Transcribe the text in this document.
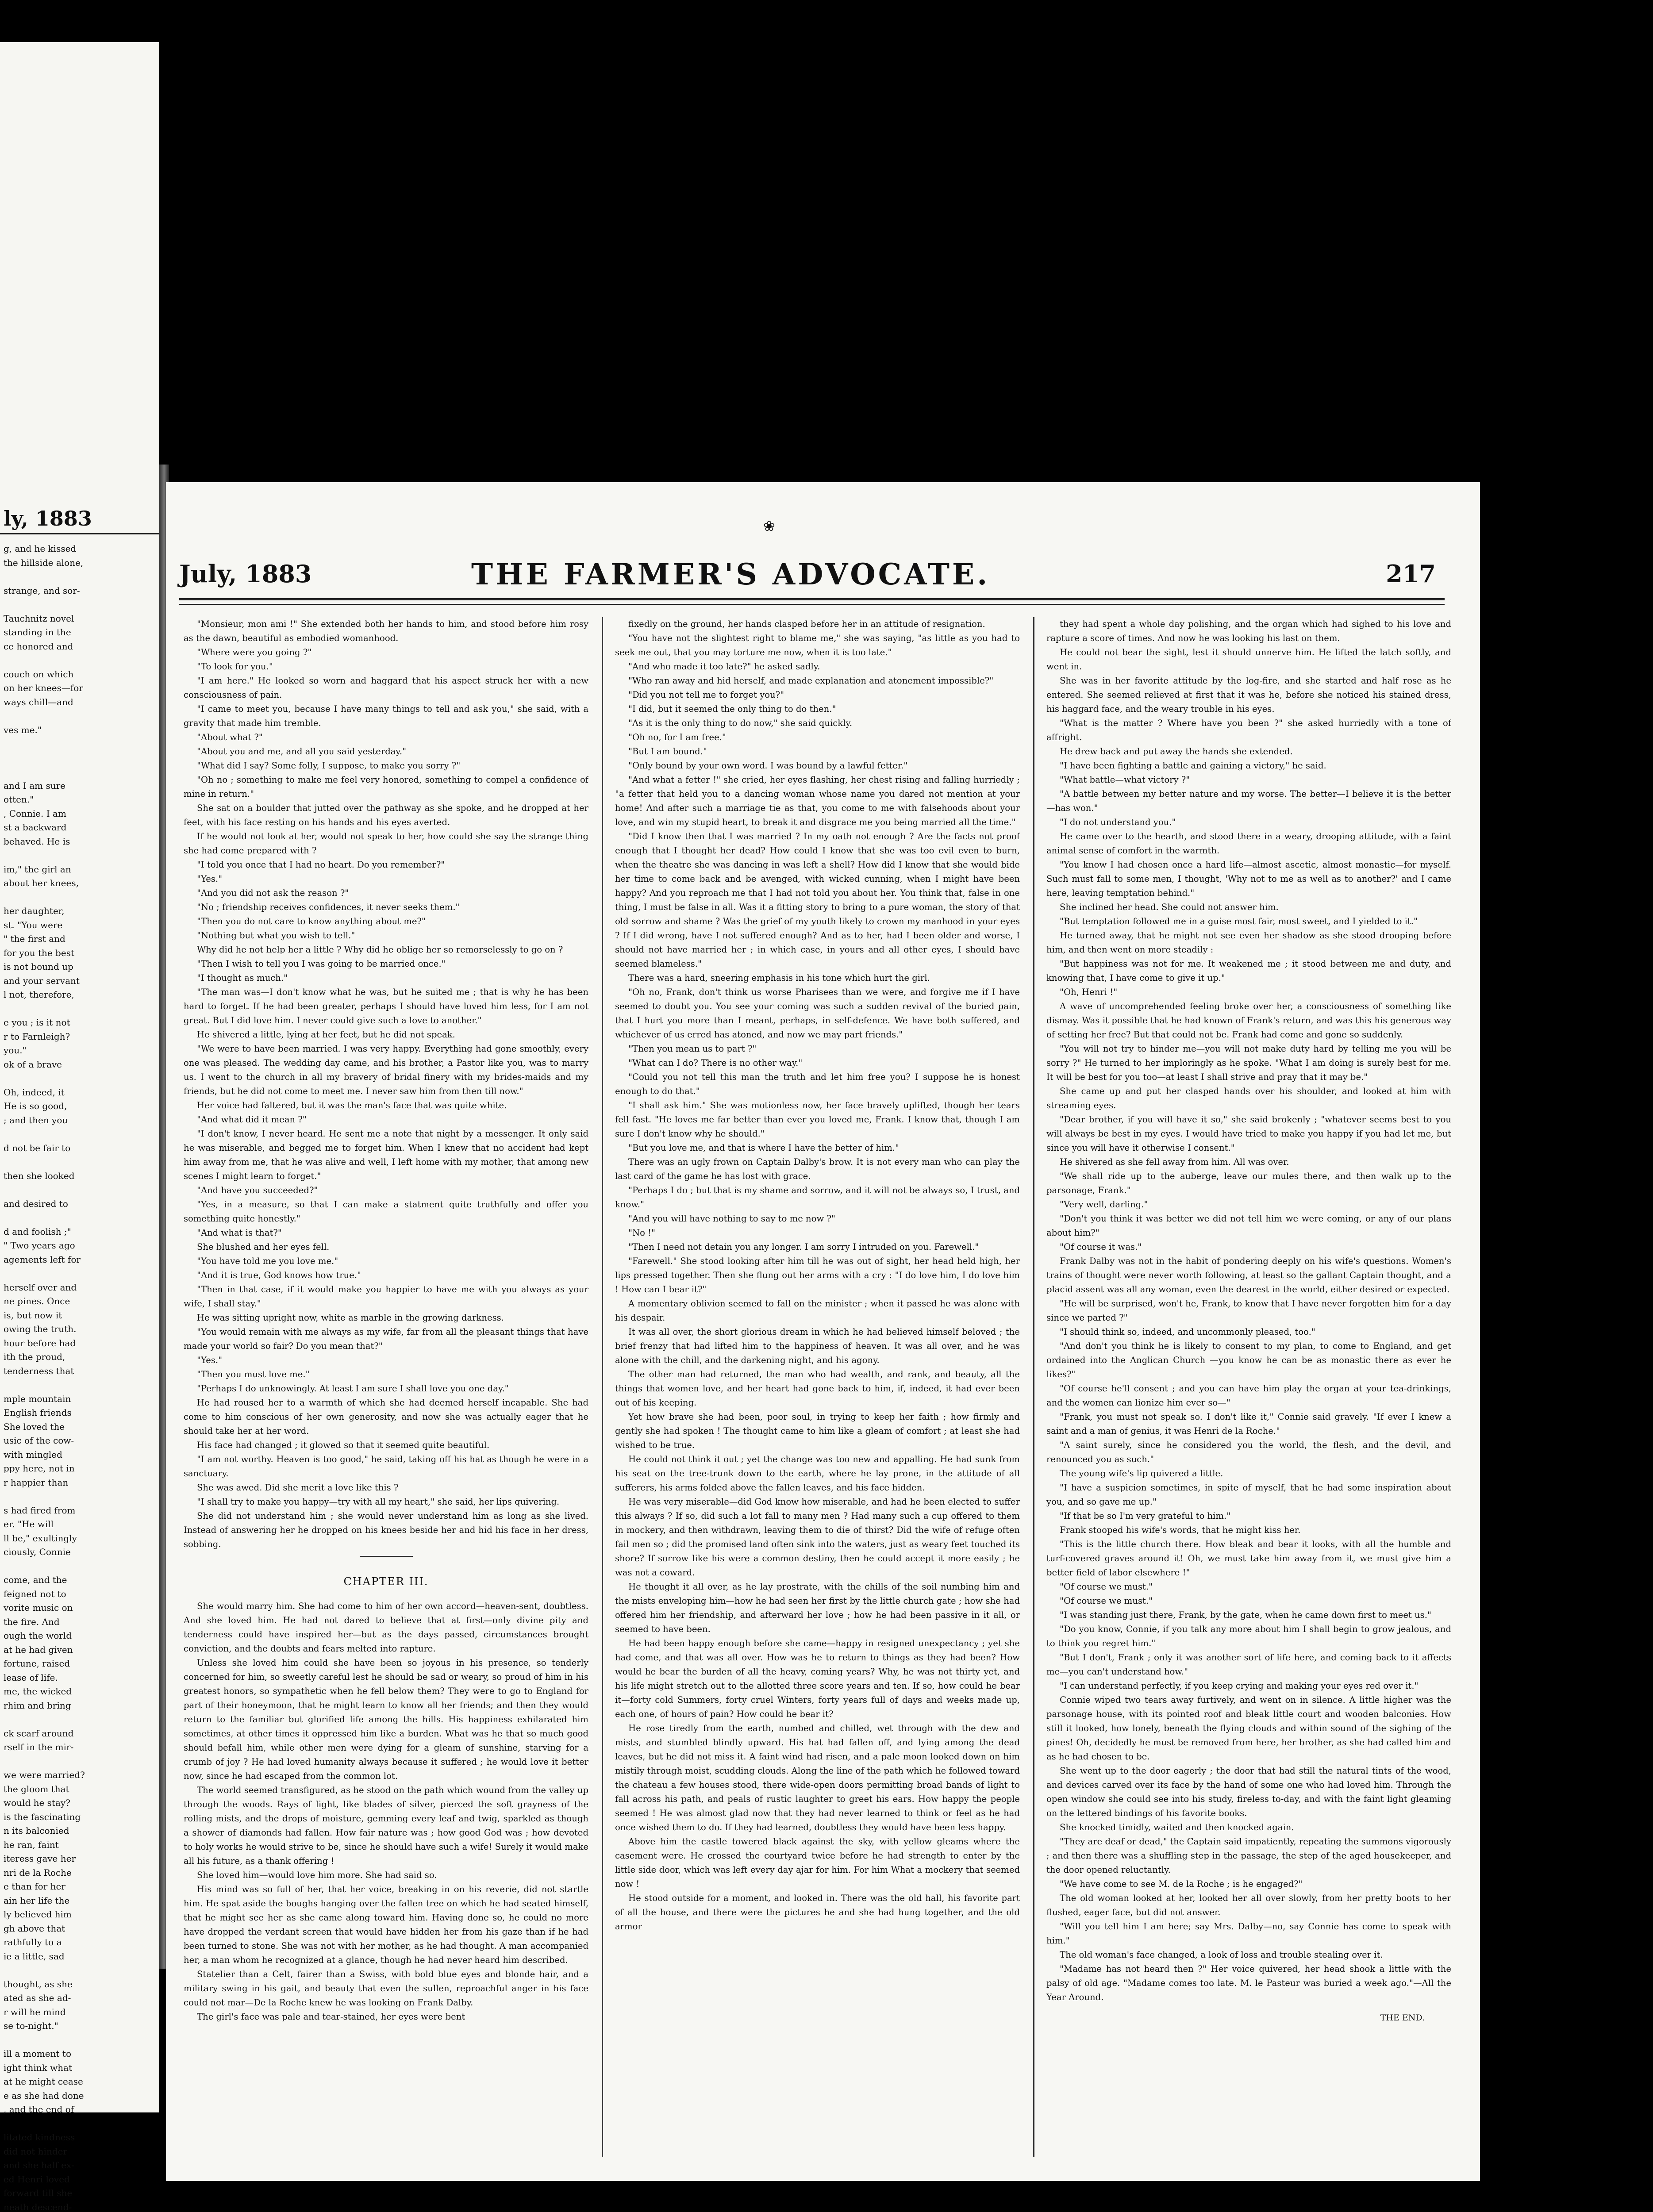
ly, 1883
g, and he kissed
the hillside alone,
strange, and sor-
Tauchnitz novel
standing in the
ce honored and
couch on which
on her knees—for
ways chill—and
ves me."
and I am sure
otten."
, Connie. I am
st a backward
behaved. He is
im," the girl an
about her knees,
her daughter,
st. "You were
" the first and
for you the best
is not bound up
and your servant
l not, therefore,
e you ; is it not
r to Farnleigh?
you."
ok of a brave
Oh, indeed, it
He is so good,
; and then you
d not be fair to
then she looked
and desired to
d and foolish ;"
" Two years ago
agements left for
herself over and
ne pines. Once
is, but now it
owing the truth.
hour before had
ith the proud,
tenderness that
mple mountain
English friends
She loved the
usic of the cow-
with mingled
ppy here, not in
r happier than
s had fired from
er. "He will
ll be," exultingly
ciously, Connie
come, and the
feigned not to
vorite music on
the fire. And
ough the world
at he had given
fortune, raised
lease of life.
me, the wicked
rhim and bring
ck scarf around
rself in the mir-
we were married?
the gloom that
would he stay?
is the fascinating
n its balconied
he ran, faint
iteress gave her
nri de la Roche
e than for her
ain her life the
ly believed him
gh above that
rathfully to a
ie a little, sad
thought, as she
ated as she ad-
r will he mind
se to-night."
ill a moment to
ight think what
at he might cease
e as she had done
, and the end of
litated kindness
did not hinder
and she half ex-
ed Henri loved
forward till she
neath descend-
❀
July, 1883	THE FARMER'S ADVOCATE.	217

"Monsieur, mon ami !" She extended both her hands to him, and stood before him rosy as the dawn, beautiful as embodied womanhood.

"Where were you going ?"

"To look for you."

"I am here." He looked so worn and haggard that his aspect struck her with a new consciousness of pain.

"I came to meet you, because I have many things to tell and ask you," she said, with a gravity that made him tremble.

"About what ?"

"About you and me, and all you said yesterday."

"What did I say? Some folly, I suppose, to make you sorry ?"

"Oh no ; something to make me feel very honored, something to compel a confidence of mine in return."

She sat on a boulder that jutted over the pathway as she spoke, and he dropped at her feet, with his face resting on his hands and his eyes averted.

If he would not look at her, would not speak to her, how could she say the strange thing she had come prepared with ?

"I told you once that I had no heart. Do you remember?"

"Yes."

"And you did not ask the reason ?"

"No ; friendship receives confidences, it never seeks them."

"Then you do not care to know anything about me?"

"Nothing but what you wish to tell."

Why did he not help her a little ? Why did he oblige her so remorselessly to go on ?

"Then I wish to tell you I was going to be married once."

"I thought as much."

"The man was—I don't know what he was, but he suited me ; that is why he has been hard to forget. If he had been greater, perhaps I should have loved him less, for I am not great. But I did love him. I never could give such a love to another."

He shivered a little, lying at her feet, but he did not speak.

"We were to have been married. I was very happy. Everything had gone smoothly, every one was pleased. The wedding day came, and his brother, a Pastor like you, was to marry us. I went to the church in all my bravery of bridal finery with my brides-maids and my friends, but he did not come to meet me. I never saw him from then till now."

Her voice had faltered, but it was the man's face that was quite white.

"And what did it mean ?"

"I don't know, I never heard. He sent me a note that night by a messenger. It only said he was miserable, and begged me to forget him. When I knew that no accident had kept him away from me, that he was alive and well, I left home with my mother, that among new scenes I might learn to forget."

"And have you succeeded?"

"Yes, in a measure, so that I can make a statment quite truthfully and offer you something quite honestly."

"And what is that?"

She blushed and her eyes fell.

"You have told me you love me."

"And it is true, God knows how true."

"Then in that case, if it would make you happier to have me with you always as your wife, I shall stay."

He was sitting upright now, white as marble in the growing darkness.

"You would remain with me always as my wife, far from all the pleasant things that have made your world so fair? Do you mean that?"

"Yes."

"Then you must love me."

"Perhaps I do unknowingly. At least I am sure I shall love you one day."

He had roused her to a warmth of which she had deemed herself incapable. She had come to him conscious of her own generosity, and now she was actually eager that he should take her at her word.

His face had changed ; it glowed so that it seemed quite beautiful.

"I am not worthy. Heaven is too good," he said, taking off his hat as though he were in a sanctuary.

She was awed. Did she merit a love like this ?

"I shall try to make you happy—try with all my heart," she said, her lips quivering.

She did not understand him ; she would never understand him as long as she lived. Instead of answering her he dropped on his knees beside her and hid his face in her dress, sobbing.

CHAPTER III.

She would marry him. She had come to him of her own accord—heaven-sent, doubtless. And she loved him. He had not dared to believe that at first—only divine pity and tenderness could have inspired her—but as the days passed, circumstances brought conviction, and the doubts and fears melted into rapture.

Unless she loved him could she have been so joyous in his presence, so tenderly concerned for him, so sweetly careful lest he should be sad or weary, so proud of him in his greatest honors, so sympathetic when he fell below them? They were to go to England for part of their honeymoon, that he might learn to know all her friends; and then they would return to the familiar but glorified life among the hills. His happiness exhilarated him sometimes, at other times it oppressed him like a burden. What was he that so much good should befall him, while other men were dying for a gleam of sunshine, starving for a crumb of joy ? He had loved humanity always because it suffered ; he would love it better now, since he had escaped from the common lot.

The world seemed transfigured, as he stood on the path which wound from the valley up through the woods. Rays of light, like blades of silver, pierced the soft grayness of the rolling mists, and the drops of moisture, gemming every leaf and twig, sparkled as though a shower of diamonds had fallen. How fair nature was ; how good God was ; how devoted to holy works he would strive to be, since he should have such a wife! Surely it would make all his future, as a thank offering !

She loved him—would love him more. She had said so.

His mind was so full of her, that her voice, breaking in on his reverie, did not startle him. He spat aside the boughs hanging over the fallen tree on which he had seated himself, that he might see her as she came along toward him. Having done so, he could no more have dropped the verdant screen that would have hidden her from his gaze than if he had been turned to stone. She was not with her mother, as he had thought. A man accompanied her, a man whom he recognized at a glance, though he had never heard him described.

Statelier than a Celt, fairer than a Swiss, with bold blue eyes and blonde hair, and a military swing in his gait, and beauty that even the sullen, reproachful anger in his face could not mar—De la Roche knew he was looking on Frank Dalby.

The girl's face was pale and tear-stained, her eyes were bent

fixedly on the ground, her hands clasped before her in an attitude of resignation.

"You have not the slightest right to blame me," she was saying, "as little as you had to seek me out, that you may torture me now, when it is too late."

"And who made it too late?" he asked sadly.

"Who ran away and hid herself, and made explanation and atonement impossible?"

"Did you not tell me to forget you?"

"I did, but it seemed the only thing to do then."

"As it is the only thing to do now," she said quickly.

"Oh no, for I am free."

"But I am bound."

"Only bound by your own word. I was bound by a lawful fetter."

"And what a fetter !" she cried, her eyes flashing, her chest rising and falling hurriedly ; "a fetter that held you to a dancing woman whose name you dared not mention at your home! And after such a marriage tie as that, you come to me with falsehoods about your love, and win my stupid heart, to break it and disgrace me you being married all the time."

"Did I know then that I was married ? In my oath not enough ? Are the facts not proof enough that I thought her dead? How could I know that she was too evil even to burn, when the theatre she was dancing in was left a shell? How did I know that she would bide her time to come back and be avenged, with wicked cunning, when I might have been happy? And you reproach me that I had not told you about her. You think that, false in one thing, I must be false in all. Was it a fitting story to bring to a pure woman, the story of that old sorrow and shame ? Was the grief of my youth likely to crown my manhood in your eyes ? If I did wrong, have I not suffered enough? And as to her, had I been older and worse, I should not have married her ; in which case, in yours and all other eyes, I should have seemed blameless."

There was a hard, sneering emphasis in his tone which hurt the girl.

"Oh no, Frank, don't think us worse Pharisees than we were, and forgive me if I have seemed to doubt you. You see your coming was such a sudden revival of the buried pain, that I hurt you more than I meant, perhaps, in self-defence. We have both suffered, and whichever of us erred has atoned, and now we may part friends."

"Then you mean us to part ?"

"What can I do? There is no other way."

"Could you not tell this man the truth and let him free you? I suppose he is honest enough to do that."

"I shall ask him." She was motionless now, her face bravely uplifted, though her tears fell fast. "He loves me far better than ever you loved me, Frank. I know that, though I am sure I don't know why he should."

"But you love me, and that is where I have the better of him."

There was an ugly frown on Captain Dalby's brow. It is not every man who can play the last card of the game he has lost with grace.

"Perhaps I do ; but that is my shame and sorrow, and it will not be always so, I trust, and know."

"And you will have nothing to say to me now ?"

"No !"

"Then I need not detain you any longer. I am sorry I intruded on you. Farewell."

"Farewell." She stood looking after him till he was out of sight, her head held high, her lips pressed together. Then she flung out her arms with a cry : "I do love him, I do love him ! How can I bear it?"

A momentary oblivion seemed to fall on the minister ; when it passed he was alone with his despair.

It was all over, the short glorious dream in which he had believed himself beloved ; the brief frenzy that had lifted him to the happiness of heaven. It was all over, and he was alone with the chill, and the darkening night, and his agony.

The other man had returned, the man who had wealth, and rank, and beauty, all the things that women love, and her heart had gone back to him, if, indeed, it had ever been out of his keeping.

Yet how brave she had been, poor soul, in trying to keep her faith ; how firmly and gently she had spoken ! The thought came to him like a gleam of comfort ; at least she had wished to be true.

He could not think it out ; yet the change was too new and appalling. He had sunk from his seat on the tree-trunk down to the earth, where he lay prone, in the attitude of all sufferers, his arms folded above the fallen leaves, and his face hidden.

He was very miserable—did God know how miserable, and had he been elected to suffer this always ? If so, did such a lot fall to many men ? Had many such a cup offered to them in mockery, and then withdrawn, leaving them to die of thirst? Did the wife of refuge often fail men so ; did the promised land often sink into the waters, just as weary feet touched its shore? If sorrow like his were a common destiny, then he could accept it more easily ; he was not a coward.

He thought it all over, as he lay prostrate, with the chills of the soil numbing him and the mists enveloping him—how he had seen her first by the little church gate ; how she had offered him her friendship, and afterward her love ; how he had been passive in it all, or seemed to have been.

He had been happy enough before she came—happy in resigned unexpectancy ; yet she had come, and that was all over. How was he to return to things as they had been? How would he bear the burden of all the heavy, coming years? Why, he was not thirty yet, and his life might stretch out to the allotted three score years and ten. If so, how could he bear it—forty cold Summers, forty cruel Winters, forty years full of days and weeks made up, each one, of hours of pain? How could he bear it?

He rose tiredly from the earth, numbed and chilled, wet through with the dew and mists, and stumbled blindly upward. His hat had fallen off, and lying among the dead leaves, but he did not miss it. A faint wind had risen, and a pale moon looked down on him mistily through moist, scudding clouds. Along the line of the path which he followed toward the chateau a few houses stood, there wide-open doors permitting broad bands of light to fall across his path, and peals of rustic laughter to greet his ears. How happy the people seemed ! He was almost glad now that they had never learned to think or feel as he had once wished them to do. If they had learned, doubtless they would have been less happy.

Above him the castle towered black against the sky, with yellow gleams where the casement were. He crossed the courtyard twice before he had strength to enter by the little side door, which was left every day ajar for him. For him What a mockery that seemed now !

He stood outside for a moment, and looked in. There was the old hall, his favorite part of all the house, and there were the pictures he and she had hung together, and the old armor

they had spent a whole day polishing, and the organ which had sighed to his love and rapture a score of times. And now he was looking his last on them.

He could not bear the sight, lest it should unnerve him. He lifted the latch softly, and went in.

She was in her favorite attitude by the log-fire, and she started and half rose as he entered. She seemed relieved at first that it was he, before she noticed his stained dress, his haggard face, and the weary trouble in his eyes.

"What is the matter ? Where have you been ?" she asked hurriedly with a tone of affright.

He drew back and put away the hands she extended.

"I have been fighting a battle and gaining a victory," he said.

"What battle—what victory ?"

"A battle between my better nature and my worse. The better—I believe it is the better—has won."

"I do not understand you."

He came over to the hearth, and stood there in a weary, drooping attitude, with a faint animal sense of comfort in the warmth.

"You know I had chosen once a hard life—almost ascetic, almost monastic—for myself. Such must fall to some men, I thought, 'Why not to me as well as to another?' and I came here, leaving temptation behind."

She inclined her head. She could not answer him.

"But temptation followed me in a guise most fair, most sweet, and I yielded to it."

He turned away, that he might not see even her shadow as she stood drooping before him, and then went on more steadily :

"But happiness was not for me. It weakened me ; it stood between me and duty, and knowing that, I have come to give it up."

"Oh, Henri !"

A wave of uncomprehended feeling broke over her, a consciousness of something like dismay. Was it possible that he had known of Frank's return, and was this his generous way of setting her free? But that could not be. Frank had come and gone so suddenly.

"You will not try to hinder me—you will not make duty hard by telling me you will be sorry ?" He turned to her imploringly as he spoke. "What I am doing is surely best for me. It will be best for you too—at least I shall strive and pray that it may be."

She came up and put her clasped hands over his shoulder, and looked at him with streaming eyes.

"Dear brother, if you will have it so," she said brokenly ; "whatever seems best to you will always be best in my eyes. I would have tried to make you happy if you had let me, but since you will have it otherwise I consent."

He shivered as she fell away from him. All was over.

"We shall ride up to the auberge, leave our mules there, and then walk up to the parsonage, Frank."

"Very well, darling."

"Don't you think it was better we did not tell him we were coming, or any of our plans about him?"

"Of course it was."

Frank Dalby was not in the habit of pondering deeply on his wife's questions. Women's trains of thought were never worth following, at least so the gallant Captain thought, and a placid assent was all any woman, even the dearest in the world, either desired or expected.

"He will be surprised, won't he, Frank, to know that I have never forgotten him for a day since we parted ?"

"I should think so, indeed, and uncommonly pleased, too."

"And don't you think he is likely to consent to my plan, to come to England, and get ordained into the Anglican Church —you know he can be as monastic there as ever he likes?"

"Of course he'll consent ; and you can have him play the organ at your tea-drinkings, and the women can lionize him ever so—"

"Frank, you must not speak so. I don't like it," Connie said gravely. "If ever I knew a saint and a man of genius, it was Henri de la Roche."

"A saint surely, since he considered you the world, the flesh, and the devil, and renounced you as such."

The young wife's lip quivered a little.

"I have a suspicion sometimes, in spite of myself, that he had some inspiration about you, and so gave me up."

"If that be so I'm very grateful to him."

Frank stooped his wife's words, that he might kiss her.

"This is the little church there. How bleak and bear it looks, with all the humble and turf-covered graves around it! Oh, we must take him away from it, we must give him a better field of labor elsewhere !"

"Of course we must."

"Of course we must."

"I was standing just there, Frank, by the gate, when he came down first to meet us."

"Do you know, Connie, if you talk any more about him I shall begin to grow jealous, and to think you regret him."

"But I don't, Frank ; only it was another sort of life here, and coming back to it affects me—you can't understand how."

"I can understand perfectly, if you keep crying and making your eyes red over it."

Connie wiped two tears away furtively, and went on in silence. A little higher was the parsonage house, with its pointed roof and bleak little court and wooden balconies. How still it looked, how lonely, beneath the flying clouds and within sound of the sighing of the pines! Oh, decidedly he must be removed from here, her brother, as she had called him and as he had chosen to be.

She went up to the door eagerly ; the door that had still the natural tints of the wood, and devices carved over its face by the hand of some one who had loved him. Through the open window she could see into his study, fireless to-day, and with the faint light gleaming on the lettered bindings of his favorite books.

She knocked timidly, waited and then knocked again.

"They are deaf or dead," the Captain said impatiently, repeating the summons vigorously ; and then there was a shuffling step in the passage, the step of the aged housekeeper, and the door opened reluctantly.

"We have come to see M. de la Roche ; is he engaged?"

The old woman looked at her, looked her all over slowly, from her pretty boots to her flushed, eager face, but did not answer.

"Will you tell him I am here; say Mrs. Dalby—no, say Connie has come to speak with him."

The old woman's face changed, a look of loss and trouble stealing over it.

"Madame has not heard then ?" Her voice quivered, her head shook a little with the palsy of old age. "Madame comes too late. M. le Pasteur was buried a week ago."—All the Year Around.

THE END.
